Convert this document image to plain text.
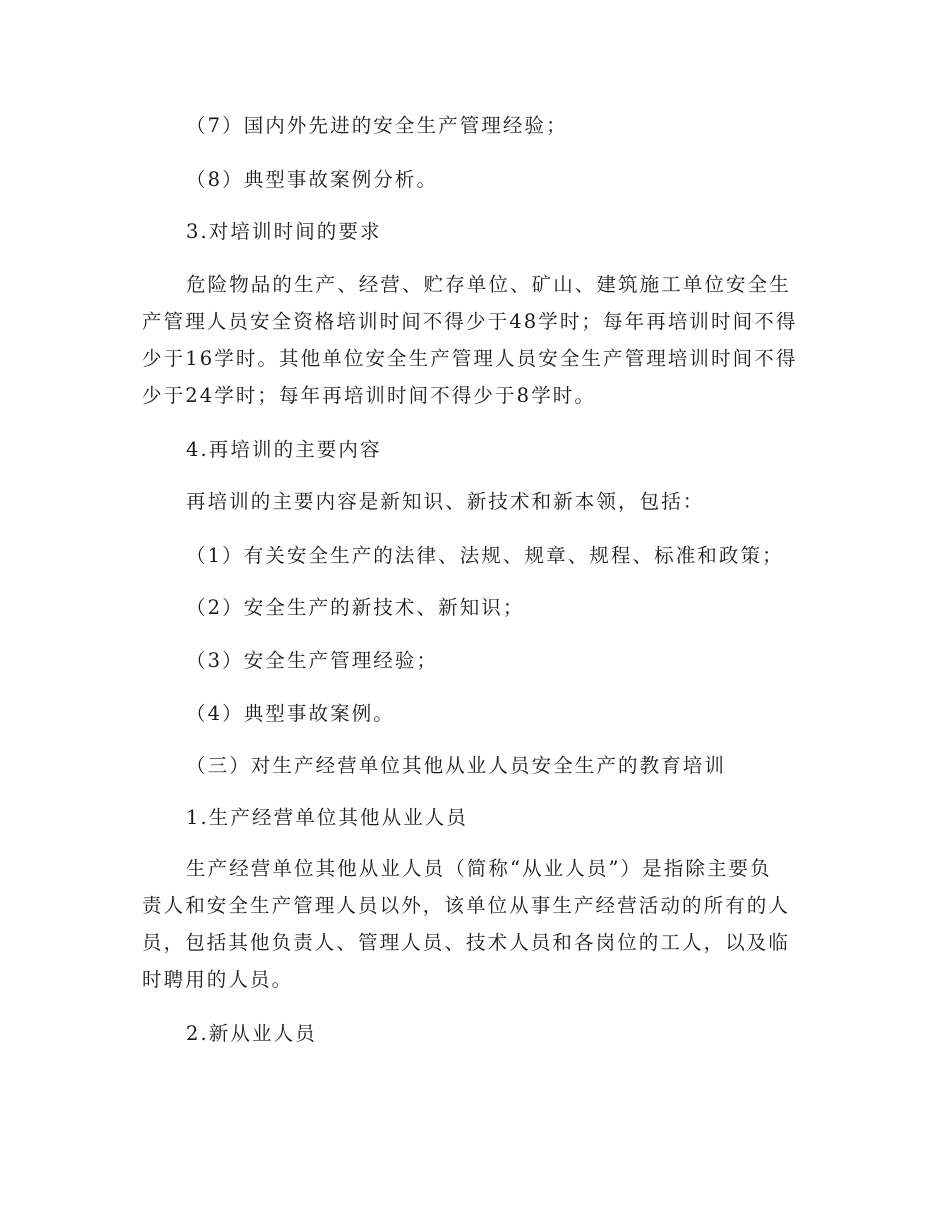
（7）国内外先进的安全生产管理经验；
（8）典型事故案例分析。
3.对培训时间的要求
危险物品的生产、经营、贮存单位、矿山、建筑施工单位安全生
产管理人员安全资格培训时间不得少于48学时；每年再培训时间不得
少于16学时。其他单位安全生产管理人员安全生产管理培训时间不得
少于24学时；每年再培训时间不得少于8学时。
4.再培训的主要内容
再培训的主要内容是新知识、新技术和新本领，包括：
（1）有关安全生产的法律、法规、规章、规程、标准和政策；
（2）安全生产的新技术、新知识；
（3）安全生产管理经验；
（4）典型事故案例。
（三）对生产经营单位其他从业人员安全生产的教育培训
1.生产经营单位其他从业人员
生产经营单位其他从业人员（简称“从业人员”）是指除主要负
责人和安全生产管理人员以外，该单位从事生产经营活动的所有的人
员，包括其他负责人、管理人员、技术人员和各岗位的工人，以及临
时聘用的人员。
2.新从业人员
